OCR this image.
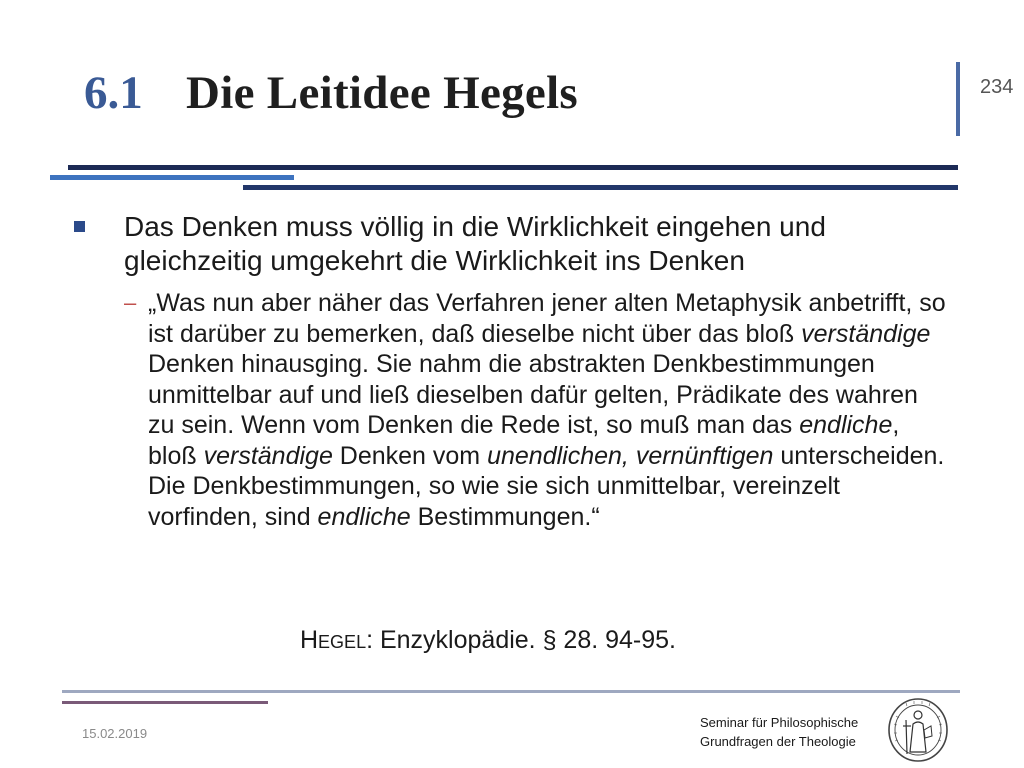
6.1 Die Leitidee Hegels	234
Das Denken muss völlig in die Wirklichkeit eingehen und gleichzeitig umgekehrt die Wirklichkeit ins Denken
– „Was nun aber näher das Verfahren jener alten Metaphysik anbetrifft, so ist darüber zu bemerken, daß dieselbe nicht über das bloß verständige Denken hinausging. Sie nahm die abstrakten Denkbestimmungen unmittelbar auf und ließ dieselben dafür gelten, Prädikate des wahren zu sein. Wenn vom Denken die Rede ist, so muß man das endliche, bloß verständige Denken vom unendlichen, vernünftigen unterscheiden. Die Denkbestimmungen, so wie sie sich unmittelbar, vereinzelt vorfinden, sind endliche Bestimmungen.“
Hegel: Enzyklopädie. § 28. 94-95.
15.02.2019
Seminar für Philosophische
Grundfragen der Theologie
